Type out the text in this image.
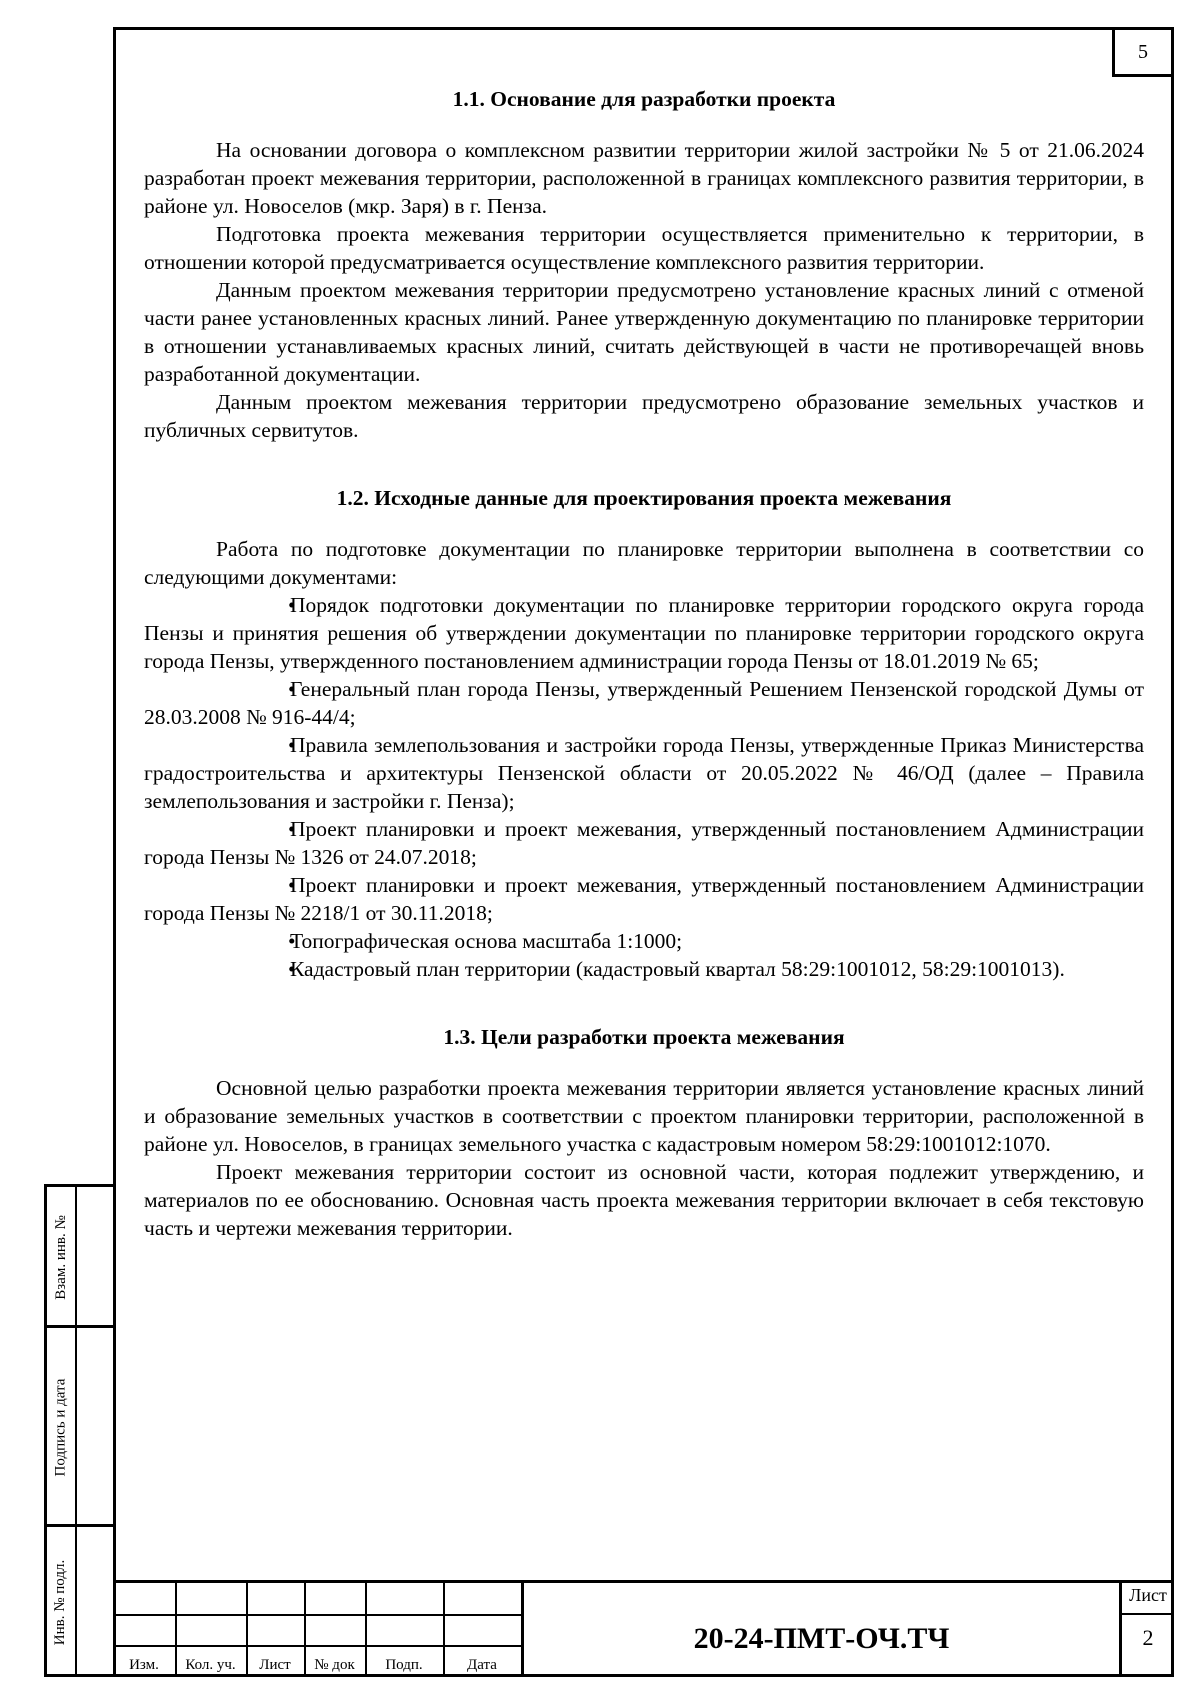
5
1.1. Основание для разработки проекта

На основании договора о комплексном развитии территории жилой застройки № 5 от 21.06.2024 разработан проект межевания территории, расположенной в границах комплексного развития территории, в районе ул. Новоселов (мкр. Заря) в г. Пенза.

Подготовка проекта межевания территории осуществляется применительно к территории, в отношении которой предусматривается осуществление комплексного развития территории.

Данным проектом межевания территории предусмотрено установление красных линий с отменой части ранее установленных красных линий. Ранее утвержденную документацию по планировке территории в отношении устанавливаемых красных линий, считать действующей в части не противоречащей вновь разработанной документации.

Данным проектом межевания территории предусмотрено образование земельных участков и публичных сервитутов.

1.2. Исходные данные для проектирования проекта межевания

Работа по подготовке документации по планировке территории выполнена в соответствии со следующими документами:

•Порядок подготовки документации по планировке территории городского округа города Пензы и принятия решения об утверждении документации по планировке территории городского округа города Пензы, утвержденного постановлением администрации города Пензы от 18.01.2019 № 65;
•Генеральный план города Пензы, утвержденный Решением Пензенской городской Думы от 28.03.2008 № 916-44/4;
•Правила землепользования и застройки города Пензы, утвержденные Приказ Министерства градостроительства и архитектуры Пензенской области от 20.05.2022 № 46/ОД (далее – Правила землепользования и застройки г. Пенза);
•Проект планировки и проект межевания, утвержденный постановлением Администрации города Пензы № 1326 от 24.07.2018;
•Проект планировки и проект межевания, утвержденный постановлением Администрации города Пензы № 2218/1 от 30.11.2018;
•Топографическая основа масштаба 1:1000;
•Кадастровый план территории (кадастровый квартал 58:29:1001012, 58:29:1001013).
1.3. Цели разработки проекта межевания

Основной целью разработки проекта межевания территории является установление красных линий и образование земельных участков в соответствии с проектом планировки территории, расположенной в районе ул. Новоселов, в границах земельного участка с кадастровым номером 58:29:1001012:1070.

Проект межевания территории состоит из основной части, которая подлежит утверждению, и материалов по ее обоснованию. Основная часть проекта межевания территории включает в себя текстовую часть и чертежи межевания территории.

Взам. инв. №
Подпись и дата
Инв. № подл.
Изм.	Кол. уч.	Лист	№ док	Подп.	Дата
20-24-ПМТ-ОЧ.ТЧ
Лист
2
